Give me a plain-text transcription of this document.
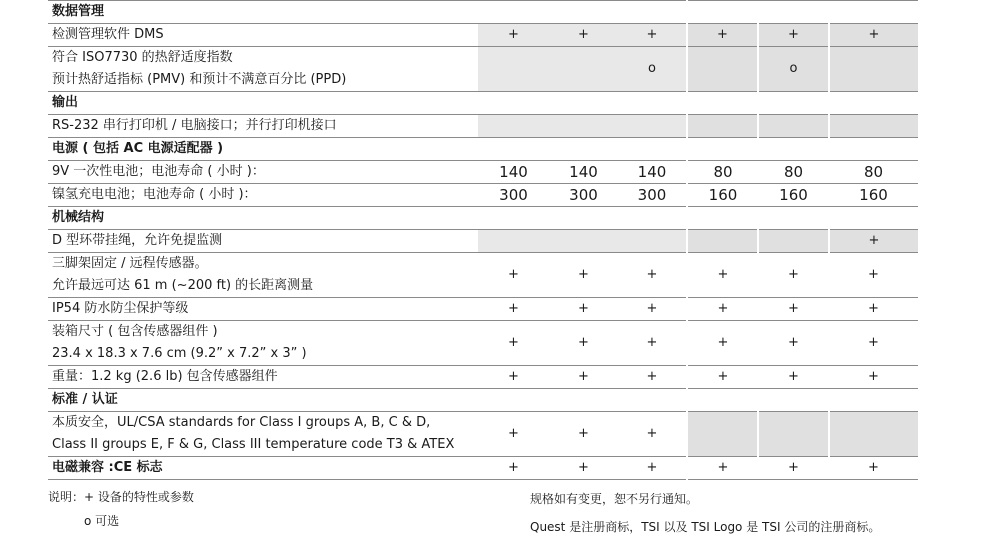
数据管理						

检测管理软件 DMS	+	+	+	+	+	+

符合 ISO7730 的热舒适度指数
预计热舒适指标 (PMV) 和预计不满意百分比 (PPD)			o		o	
输出						

RS-232 串行打印机 / 电脑接口；并行打印机接口						

电源 ( 包括 AC 电源适配器 )						

9V 一次性电池；电池寿命 ( 小时 )：	140	140	140	80	80	80

镍氢充电电池；电池寿命 ( 小时 )：	300	300	300	160	160	160
机械结构						

D 型环带挂绳，允许免提监测						+

三脚架固定 / 远程传感器。
允许最远可达 61 m (~200 ft) 的长距离测量	+	+	+	+	+	+

IP54 防水防尘保护等级	+	+	+	+	+	+

装箱尺寸 ( 包含传感器组件 )
23.4 x 18.3 x 7.6 cm (9.2” x 7.2” x 3” )	+	+	+	+	+	+

重量：1.2 kg (2.6 lb) 包含传感器组件	+	+	+	+	+	+
标准 / 认证						

本质安全，UL/CSA standards for Class I groups A, B, C & D,
Class II groups E, F & G, Class III temperature code T3 & ATEX	+	+	+			
电磁兼容 :CE 标志	+	+	+	+	+	+
说明： + 设备的特性或参数
o 可选
规格如有变更，恕不另行通知。
Quest 是注册商标，TSI 以及 TSI Logo 是 TSI 公司的注册商标。
